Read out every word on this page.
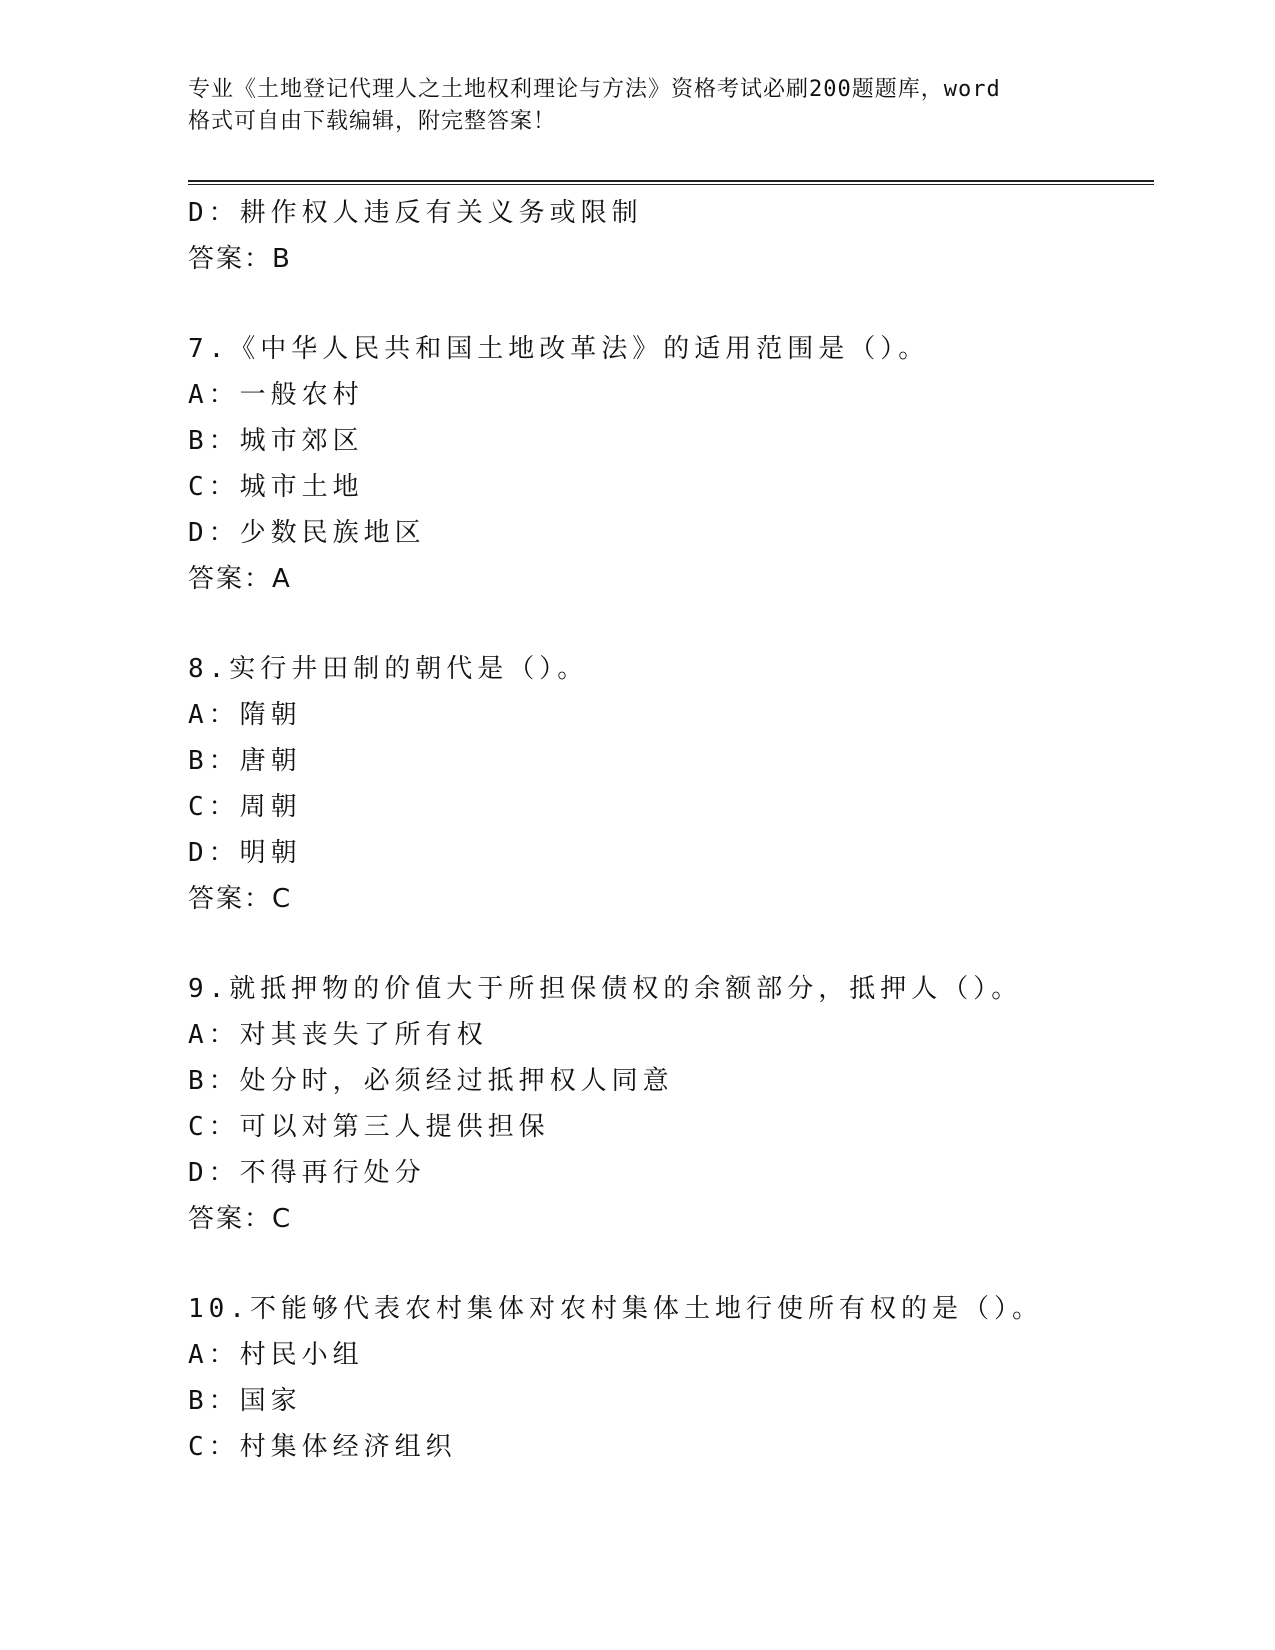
专业《土地登记代理人之土地权利理论与方法》资格考试必刷200题题库，word
格式可自由下载编辑，附完整答案！
D：耕作权人违反有关义务或限制
答案：B
7.《中华人民共和国土地改革法》的适用范围是（）。
A：一般农村
B：城市郊区
C：城市土地
D：少数民族地区
答案：A
8.实行井田制的朝代是（）。
A：隋朝
B：唐朝
C：周朝
D：明朝
答案：C
9.就抵押物的价值大于所担保债权的余额部分，抵押人（）。
A：对其丧失了所有权
B：处分时，必须经过抵押权人同意
C：可以对第三人提供担保
D：不得再行处分
答案：C
10.不能够代表农村集体对农村集体土地行使所有权的是（）。
A：村民小组
B：国家
C：村集体经济组织
